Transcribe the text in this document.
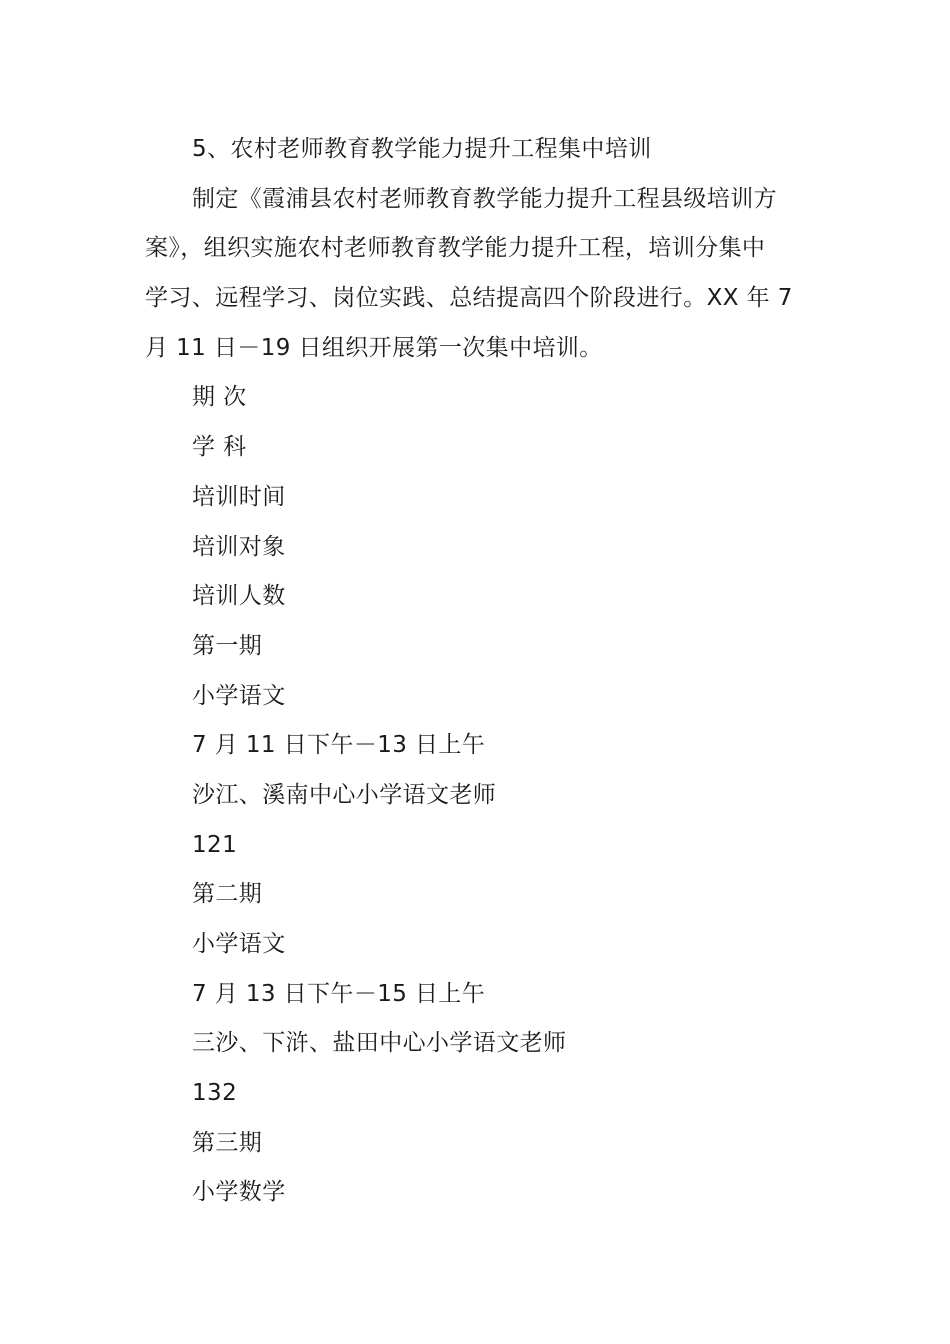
5、农村老师教育教学能力提升工程集中培训
制定《霞浦县农村老师教育教学能力提升工程县级培训方
案》，组织实施农村老师教育教学能力提升工程，培训分集中
学习、远程学习、岗位实践、总结提高四个阶段进行。XX 年 7
月 11 日－19 日组织开展第一次集中培训。
期 次
学 科
培训时间
培训对象
培训人数
第一期
小学语文
7 月 11 日下午－13 日上午
沙江、溪南中心小学语文老师
121
第二期
小学语文
7 月 13 日下午－15 日上午
三沙、下浒、盐田中心小学语文老师
132
第三期
小学数学
